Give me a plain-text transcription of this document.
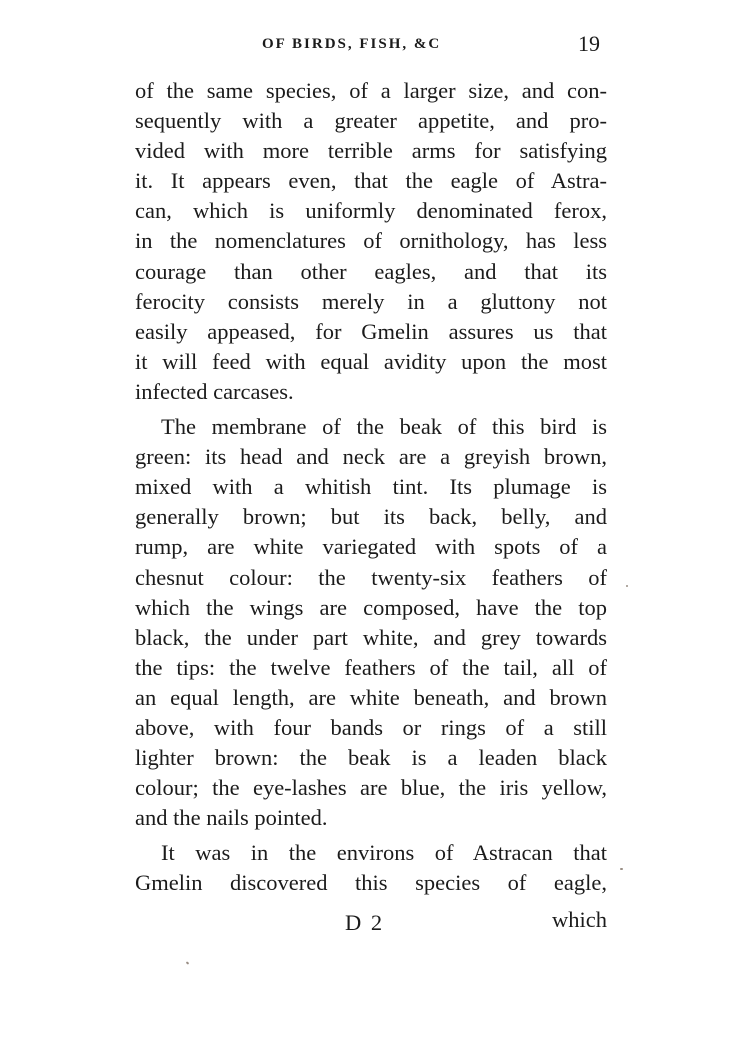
OF BIRDS, FISH, &C	19
of the same species, of a larger size, and con-
sequently with a greater appetite, and pro-
vided with more terrible arms for satisfying
it. It appears even, that the eagle of Astra-
can, which is uniformly denominated ferox,
in the nomenclatures of ornithology, has less
courage than other eagles, and that its
ferocity consists merely in a gluttony not
easily appeased, for Gmelin assures us that
it will feed with equal avidity upon the most
infected carcases.
The membrane of the beak of this bird is
green: its head and neck are a greyish brown,
mixed with a whitish tint. Its plumage is
generally brown; but its back, belly, and
rump, are white variegated with spots of a
chesnut colour: the twenty-six feathers of
which the wings are composed, have the top
black, the under part white, and grey towards
the tips: the twelve feathers of the tail, all of
an equal length, are white beneath, and brown
above, with four bands or rings of a still
lighter brown: the beak is a leaden black
colour; the eye-lashes are blue, the iris yellow,
and the nails pointed.
It was in the environs of Astracan that
Gmelin discovered this species of eagle,
D 2	which
